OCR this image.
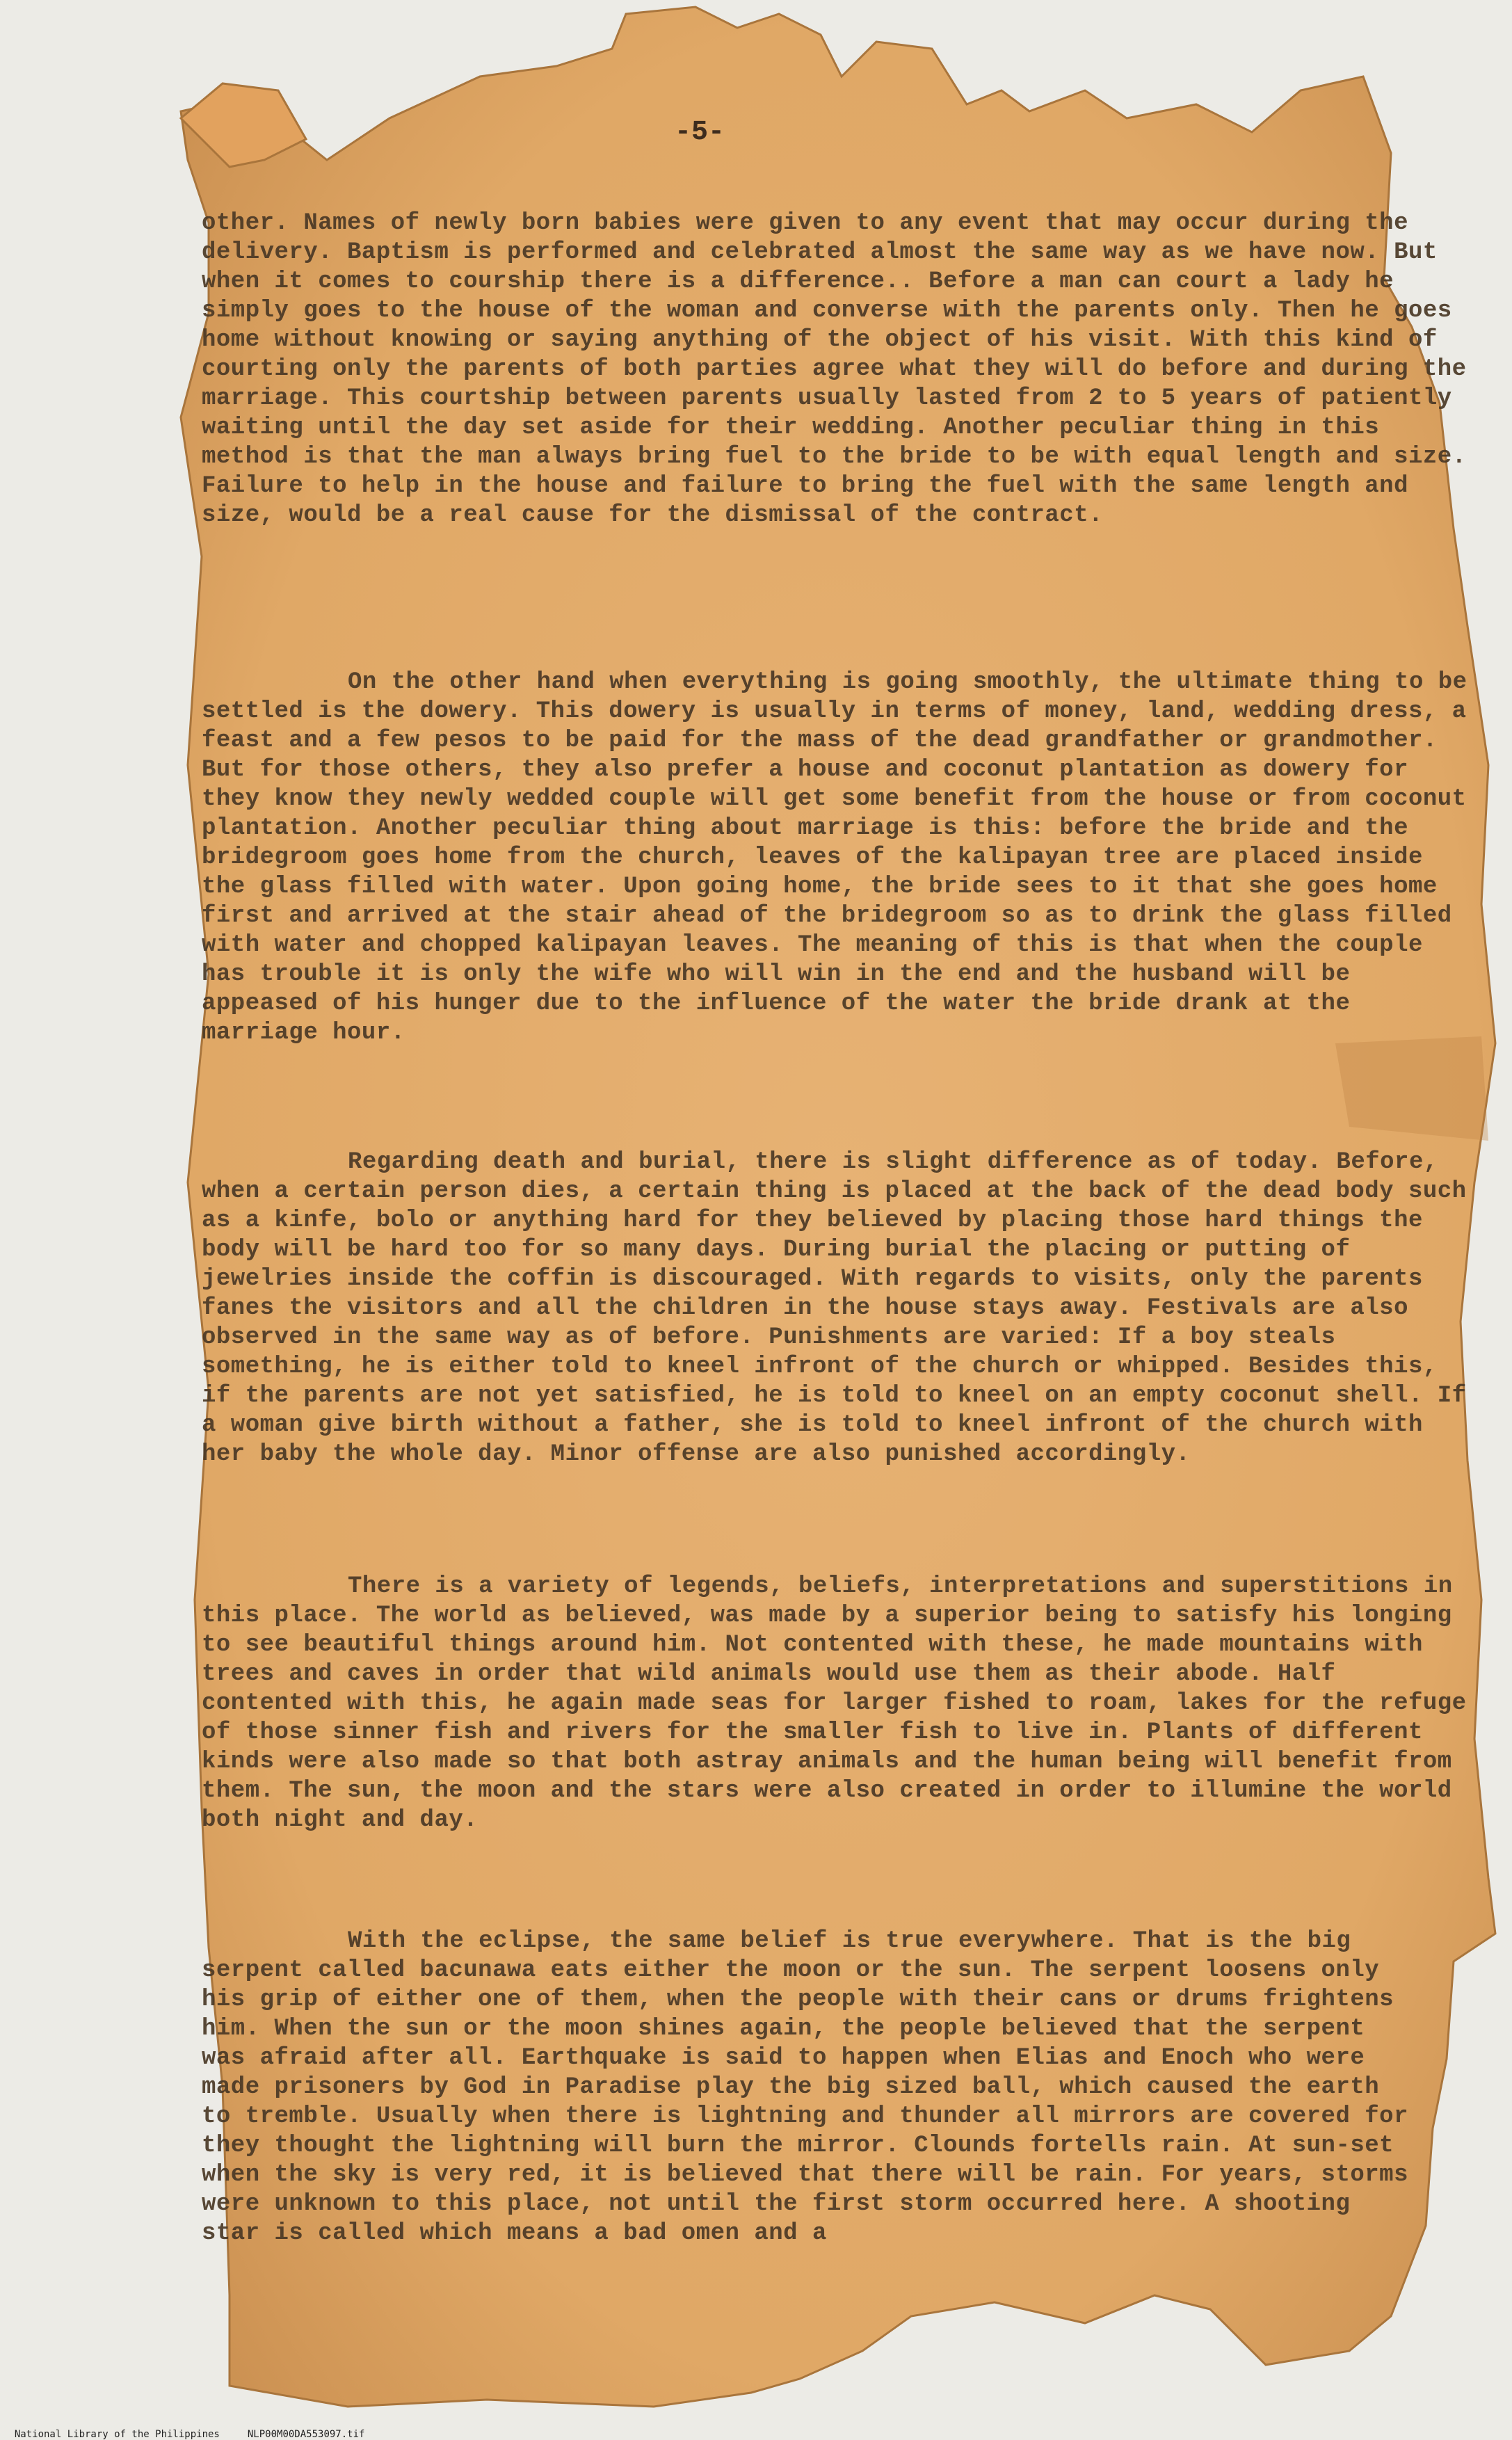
-5-
other. Names of newly born babies were given to any event that may occur during the delivery. Baptism is performed and celebrated almost the same way as we have now. But when it comes to courship there is a difference.. Before a man can court a lady he simply goes to the house of the woman and converse with the parents only. Then he goes home without knowing or saying anything of the object of his visit. With this kind of courting only the parents of both parties agree what they will do before and during the marriage. This courtship between parents usually lasted from 2 to 5 years of patiently waiting until the day set aside for their wedding. Another peculiar thing in this method is that the man always bring fuel to the bride to be with equal length and size. Failure to help in the house and failure to bring the fuel with the same length and size, would be a real cause for the dismissal of the contract.
On the other hand when everything is going smoothly, the ultimate thing to be settled is the dowery. This dowery is usually in terms of money, land, wedding dress, a feast and a few pesos to be paid for the mass of the dead grandfather or grandmother. But for those others, they also prefer a house and coconut plantation as dowery for they know they newly wedded couple will get some benefit from the house or from coconut plantation. Another peculiar thing about marriage is this: before the bride and the bridegroom goes home from the church, leaves of the kalipayan tree are placed inside the glass filled with water. Upon going home, the bride sees to it that she goes home first and arrived at the stair ahead of the bridegroom so as to drink the glass filled with water and chopped kalipayan leaves. The meaning of this is that when the couple has trouble it is only the wife who will win in the end and the husband will be appeased of his hunger due to the influence of the water the bride drank at the marriage hour.
Regarding death and burial, there is slight difference as of today. Before, when a certain person dies, a certain thing is placed at the back of the dead body such as a kinfe, bolo or anything hard for they believed by placing those hard things the body will be hard too for so many days. During burial the placing or putting of jewelries inside the coffin is discouraged. With regards to visits, only the parents fanes the visitors and all the children in the house stays away. Festivals are also observed in the same way as of before. Punishments are varied: If a boy steals something, he is either told to kneel infront of the church or whipped. Besides this, if the parents are not yet satisfied, he is told to kneel on an empty coconut shell. If a woman give birth without a father, she is told to kneel infront of the church with her baby the whole day. Minor offense are also punished accordingly.
There is a variety of legends, beliefs, interpretations and superstitions in this place. The world as believed, was made by a superior being to satisfy his longing to see beautiful things around him. Not contented with these, he made mountains with trees and caves in order that wild animals would use them as their abode. Half contented with this, he again made seas for larger fished to roam, lakes for the refuge of those sinner fish and rivers for the smaller fish to live in. Plants of different kinds were also made so that both astray animals and the human being will benefit from them. The sun, the moon and the stars were also created in order to illumine the world both night and day.
With the eclipse, the same belief is true everywhere. That is the big serpent called bacunawa eats either the moon or the sun. The serpent loosens only his grip of either one of them, when the people with their cans or drums frightens him. When the sun or the moon shines again, the people believed that the serpent was afraid after all. Earthquake is said to happen when Elias and Enoch who were made prisoners by God in Paradise play the big sized ball, which caused the earth to tremble. Usually when there is lightning and thunder all mirrors are covered for they thought the lightning will burn the mirror. Clounds fortells rain. At sun-set when the sky is very red, it is believed that there will be rain. For years, storms were unknown to this place, not until the first storm occurred here. A shooting star is called which means a bad omen and a

National Library of the Philippines	NLP00M00DA553097.tif
